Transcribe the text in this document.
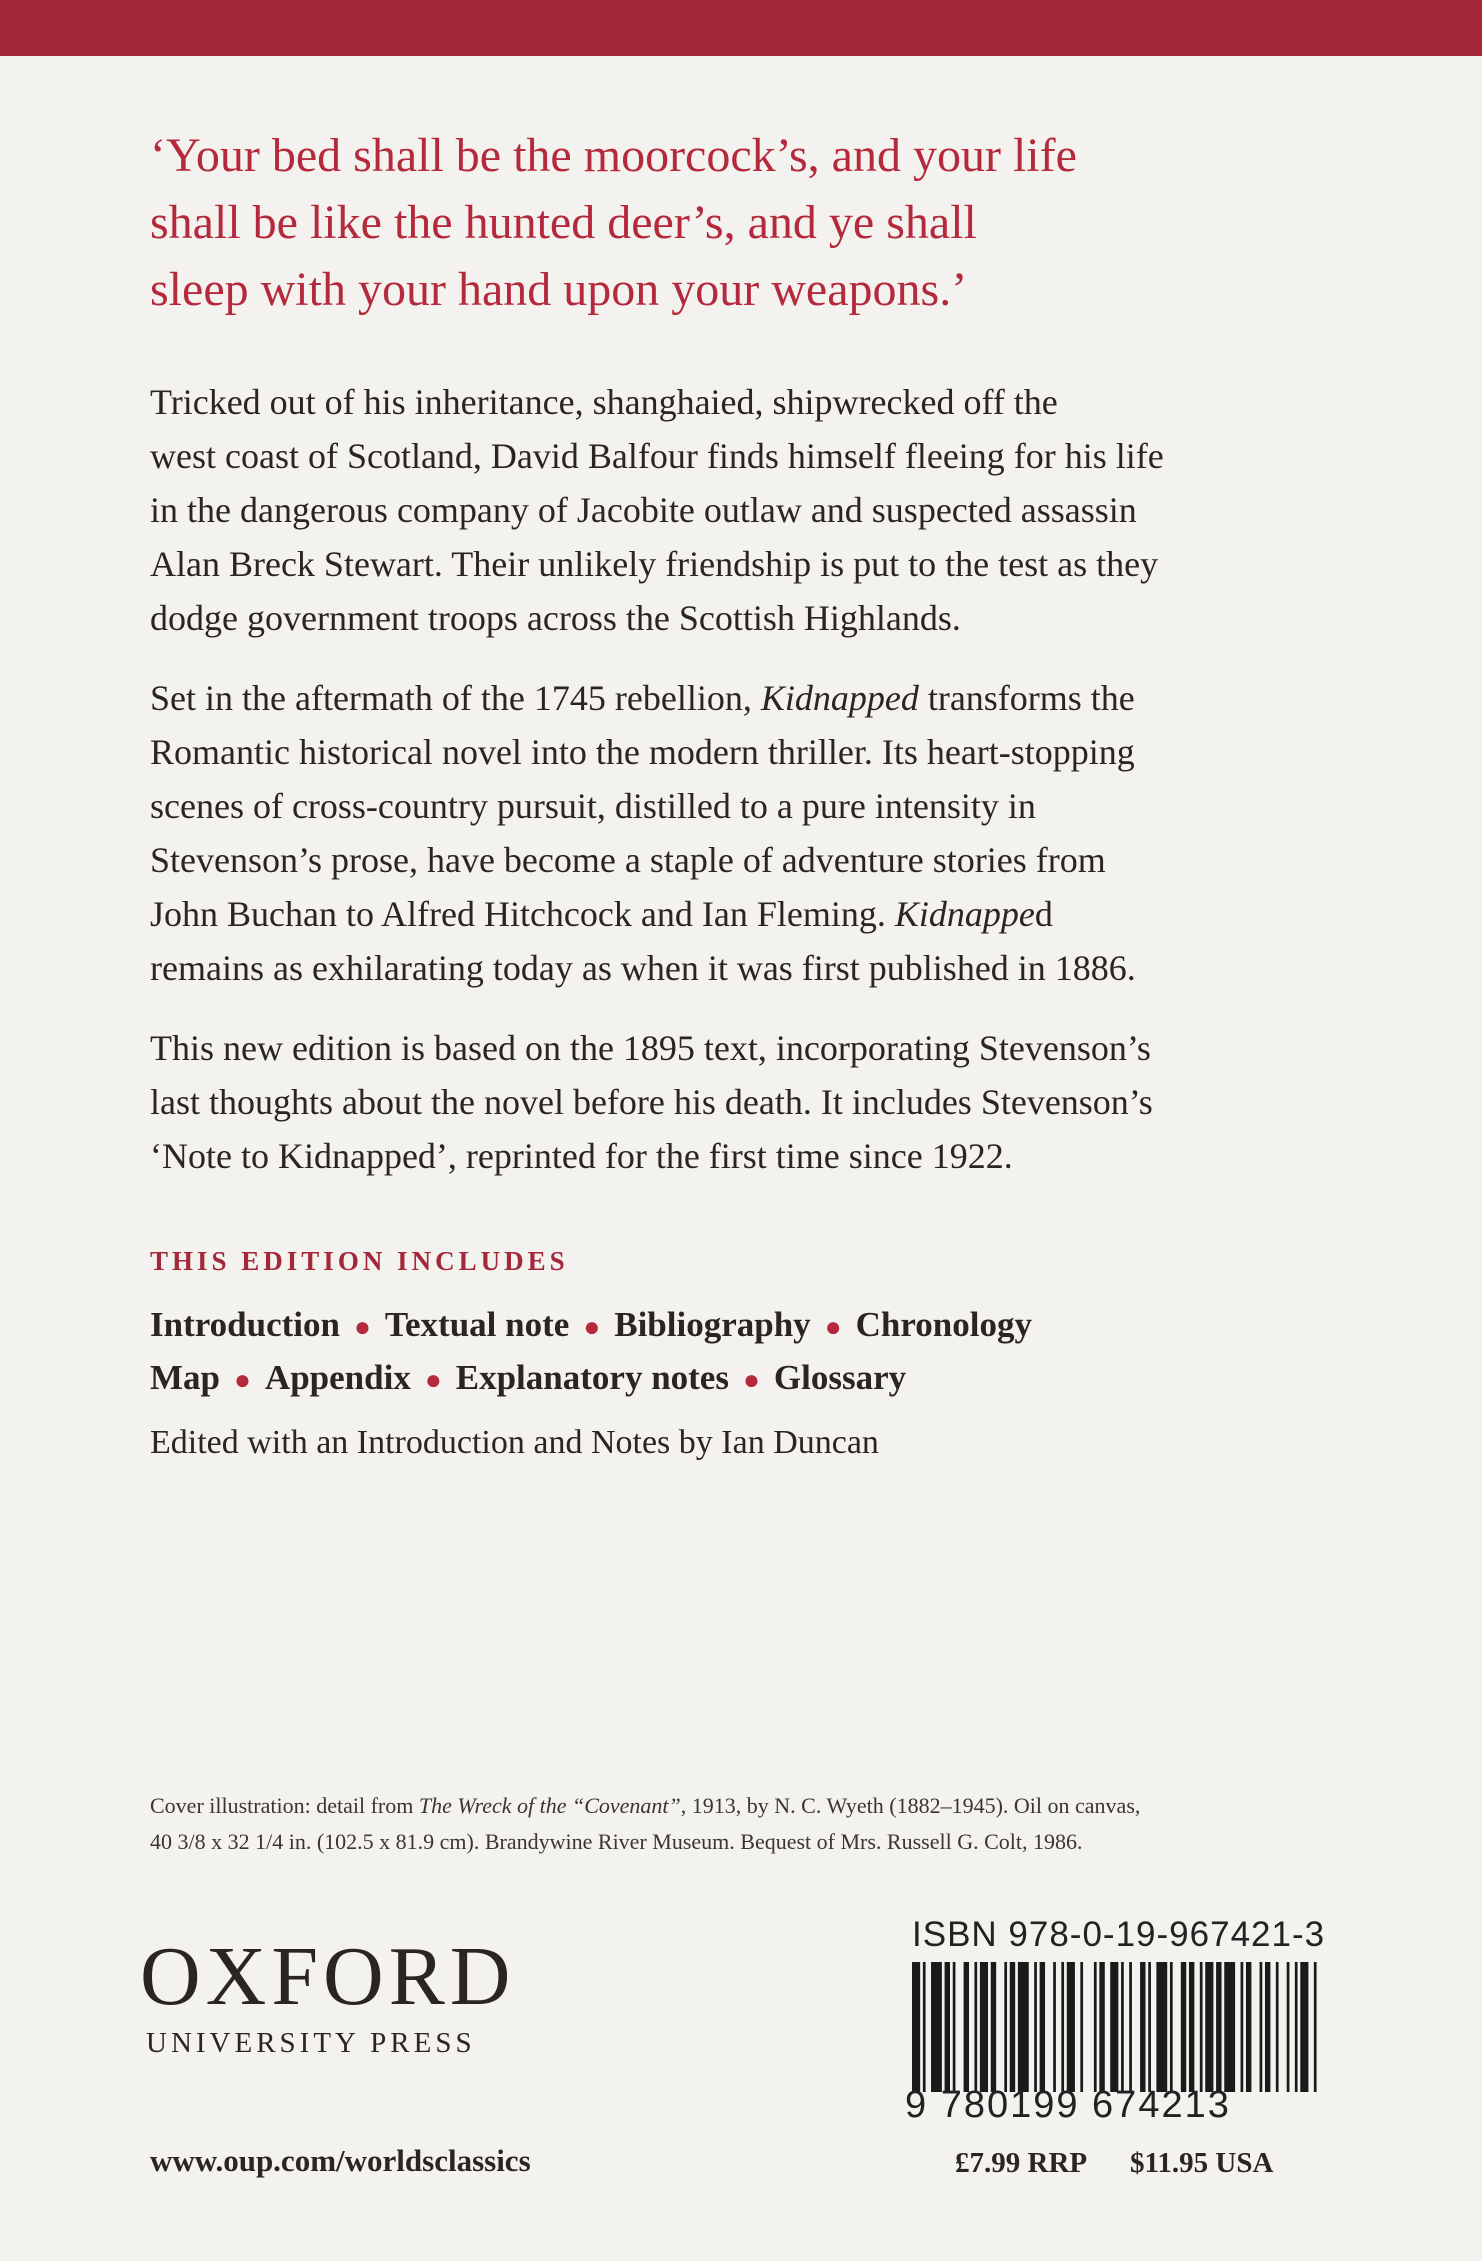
‘Your bed shall be the moorcock’s, and your life
shall be like the hunted deer’s, and ye shall
sleep with your hand upon your weapons.’

Tricked out of his inheritance, shanghaied, shipwrecked off the
west coast of Scotland, David Balfour finds himself fleeing for his life
in the dangerous company of Jacobite outlaw and suspected assassin
Alan Breck Stewart. Their unlikely friendship is put to the test as they
dodge government troops across the Scottish Highlands.

Set in the aftermath of the 1745 rebellion, Kidnapped transforms the
Romantic historical novel into the modern thriller. Its heart-stopping
scenes of cross-country pursuit, distilled to a pure intensity in
Stevenson’s prose, have become a staple of adventure stories from
John Buchan to Alfred Hitchcock and Ian Fleming. Kidnapped
remains as exhilarating today as when it was first published in 1886.

This new edition is based on the 1895 text, incorporating Stevenson’s
last thoughts about the novel before his death. It includes Stevenson’s
‘Note to Kidnapped’, reprinted for the first time since 1922.

THIS EDITION INCLUDES
Introduction ● Textual note ● Bibliography ● Chronology
Map ● Appendix ● Explanatory notes ● Glossary
Edited with an Introduction and Notes by Ian Duncan
Cover illustration: detail from The Wreck of the “Covenant”, 1913, by N. C. Wyeth (1882–1945). Oil on canvas,
40 3/8 x 32 1/4 in. (102.5 x 81.9 cm). Brandywine River Museum. Bequest of Mrs. Russell G. Colt, 1986.
OXFORD
UNIVERSITY PRESS
www.oup.com/worldsclassics
ISBN 978-0-19-967421-3
9 780199 674213
£7.99 RRP $11.95 USA
